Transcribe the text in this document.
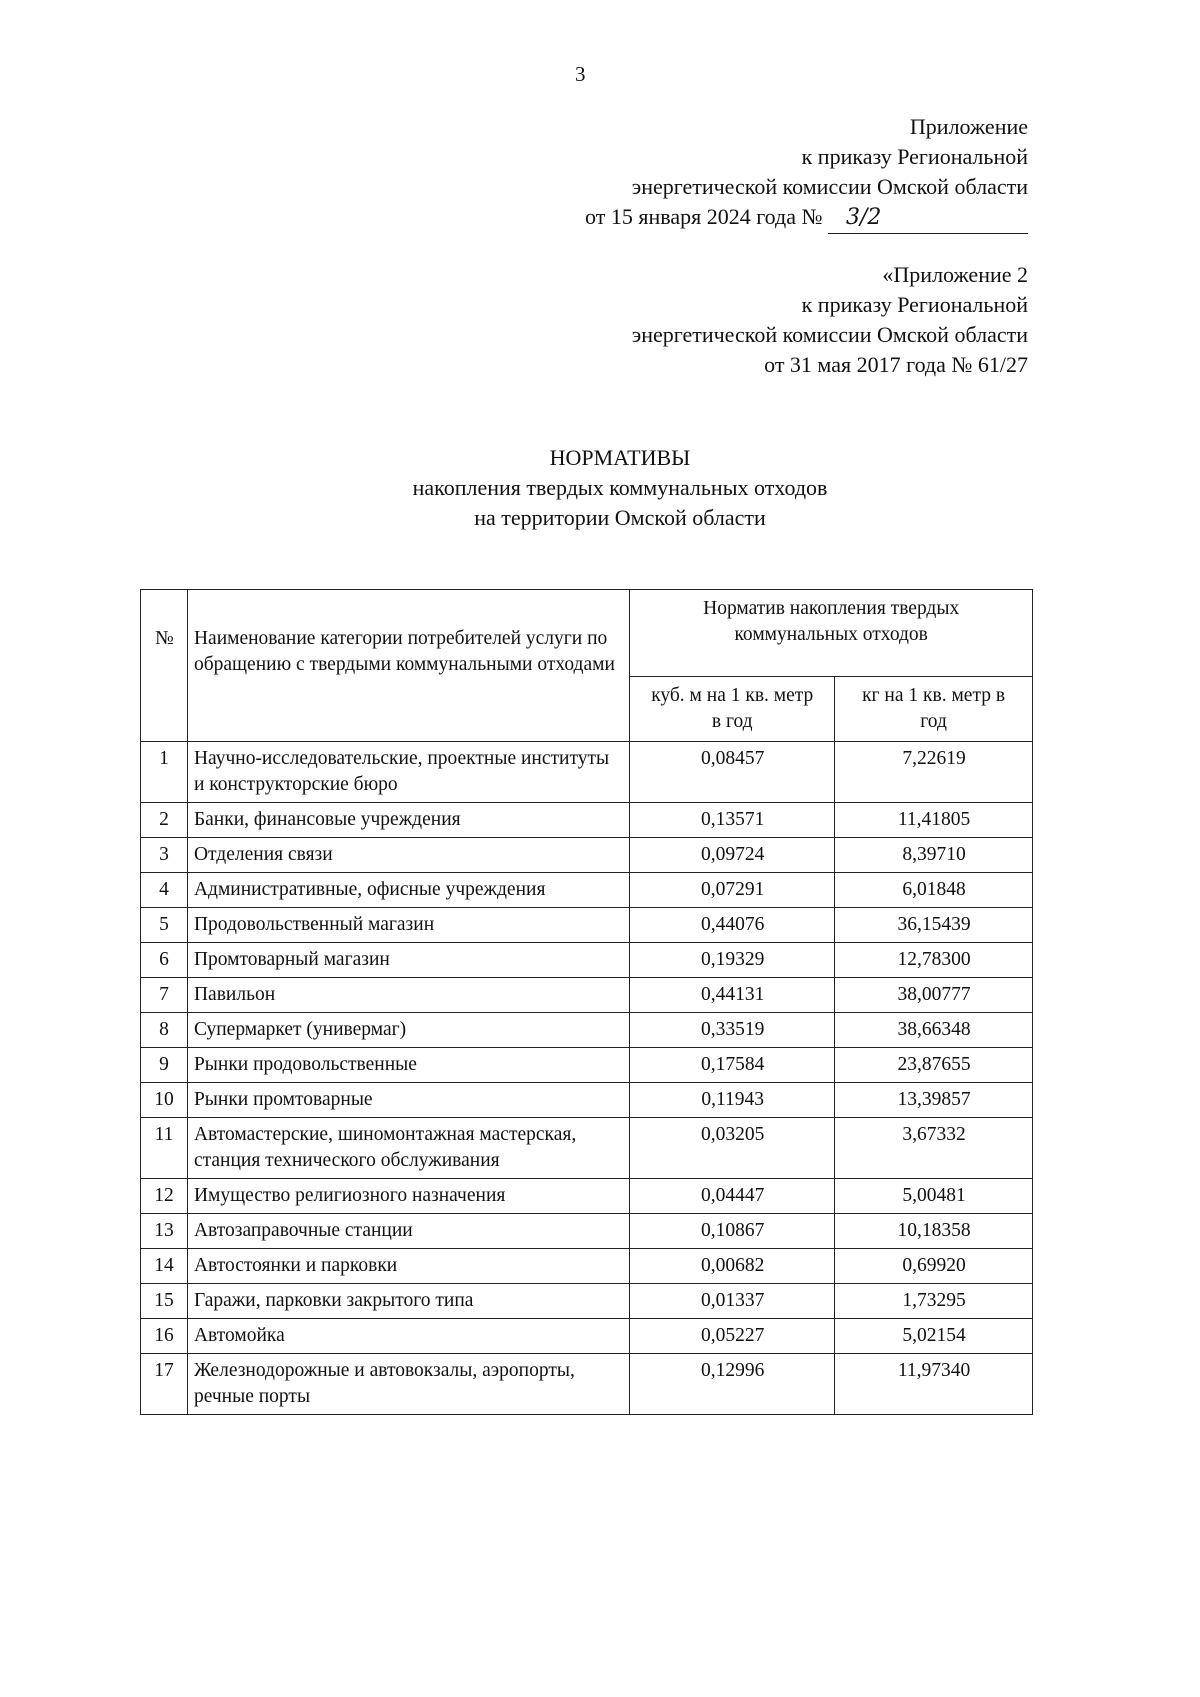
3
Приложение
к приказу Региональной
энергетической комиссии Омской области
от 15 января 2024 года № 3/2
«Приложение 2
к приказу Региональной
энергетической комиссии Омской области
от 31 мая 2017 года № 61/27
НОРМАТИВЫ
накопления твердых коммунальных отходов
на территории Омской области
№	Наименование категории потребителей услуги по обращению с твердыми коммунальными отходами	Норматив накопления твердых коммунальных отходов	
		куб. м на 1 кв. метр в год	кг на 1 кв. метр в год
1	Научно-исследовательские, проектные институты и конструкторские бюро	0,08457	7,22619
2	Банки, финансовые учреждения	0,13571	11,41805
3	Отделения связи	0,09724	8,39710
4	Административные, офисные учреждения	0,07291	6,01848
5	Продовольственный магазин	0,44076	36,15439
6	Промтоварный магазин	0,19329	12,78300
7	Павильон	0,44131	38,00777
8	Супермаркет (универмаг)	0,33519	38,66348
9	Рынки продовольственные	0,17584	23,87655
10	Рынки промтоварные	0,11943	13,39857
11	Автомастерские, шиномонтажная мастерская, станция технического обслуживания	0,03205	3,67332
12	Имущество религиозного назначения	0,04447	5,00481
13	Автозаправочные станции	0,10867	10,18358
14	Автостоянки и парковки	0,00682	0,69920
15	Гаражи, парковки закрытого типа	0,01337	1,73295
16	Автомойка	0,05227	5,02154
17	Железнодорожные и автовокзалы, аэропорты, речные порты	0,12996	11,97340
